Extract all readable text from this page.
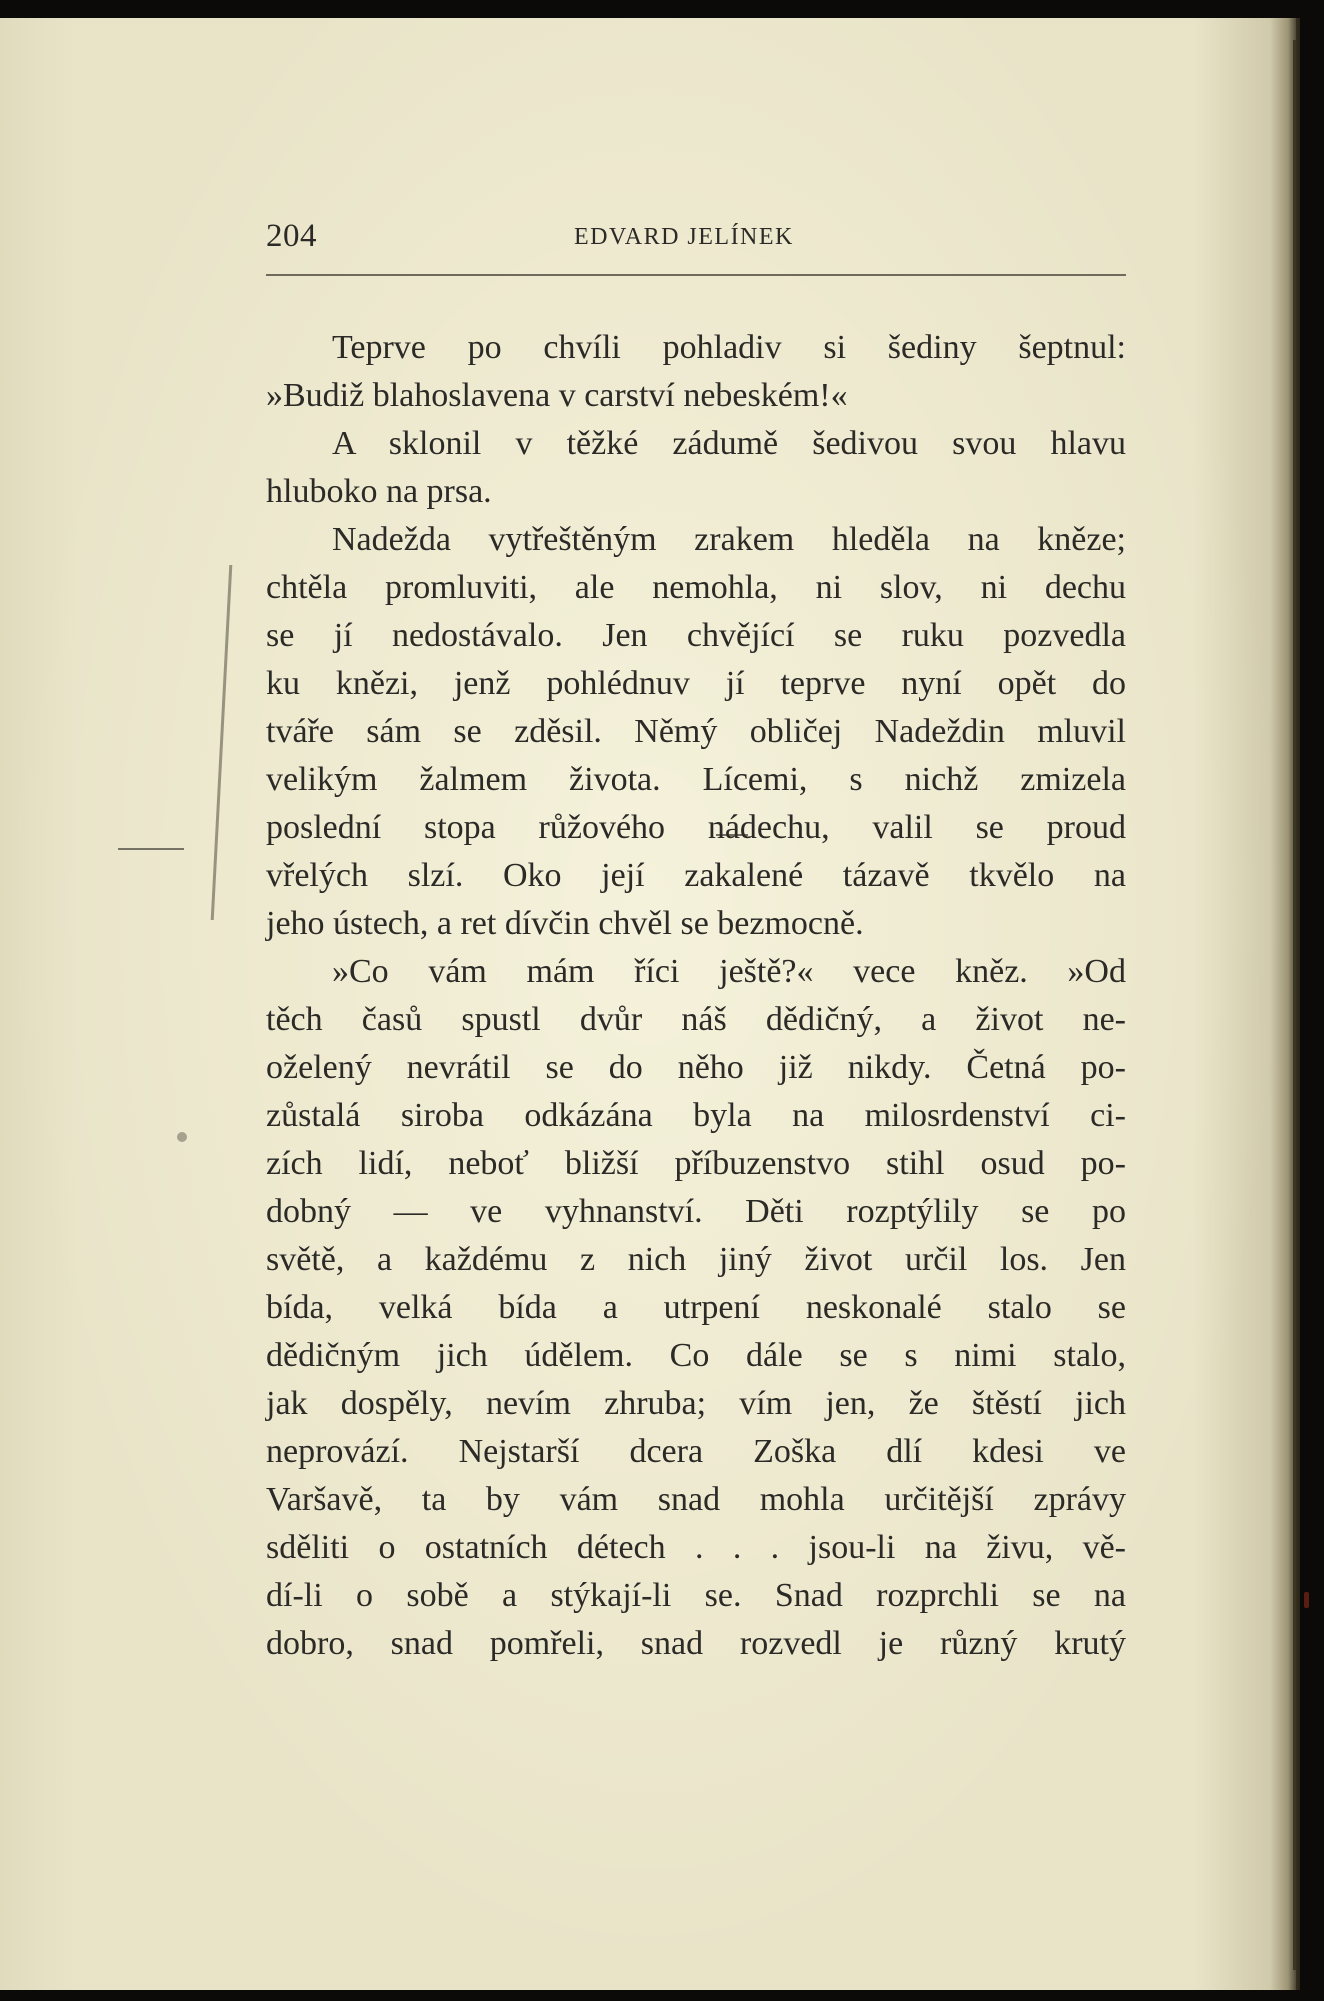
204	EDVARD JELÍNEK
Teprve po chvíli pohladiv si šediny šeptnul:
»Budiž blahoslavena v carství nebeském!«
A sklonil v těžké zádumě šedivou svou hlavu
hluboko na prsa.
Nadežda vytřeštěným zrakem hleděla na kněze;
chtěla promluviti, ale nemohla, ni slov, ni dechu
se jí nedostávalo. Jen chvějící se ruku pozvedla
ku knězi, jenž pohlédnuv jí teprve nyní opět do
tváře sám se zděsil. Němý obličej Nadeždin mluvil
velikým žalmem života. Lícemi, s nichž zmizela
poslední stopa růžového nádechu, valil se proud
vřelých slzí. Oko její zakalené tázavě tkvělo na
jeho ústech, a ret dívčin chvěl se bezmocně.
»Co vám mám říci ještě?« vece kněz. »Od
těch časů spustl dvůr náš dědičný, a život ne-
oželený nevrátil se do něho již nikdy. Četná po-
zůstalá siroba odkázána byla na milosrdenství ci-
zích lidí, neboť bližší příbuzenstvo stihl osud po-
dobný — ve vyhnanství. Děti rozptýlily se po
světě, a každému z nich jiný život určil los. Jen
bída, velká bída a utrpení neskonalé stalo se
dědičným jich údělem. Co dále se s nimi stalo,
jak dospěly, nevím zhruba; vím jen, že štěstí jich
neprovází. Nejstarší dcera Zoška dlí kdesi ve
Varšavě, ta by vám snad mohla určitější zprávy
sděliti o ostatních détech . . . jsou-li na živu, vě-
dí-li o sobě a stýkají-li se. Snad rozprchli se na
dobro, snad pomřeli, snad rozvedl je různý krutý
